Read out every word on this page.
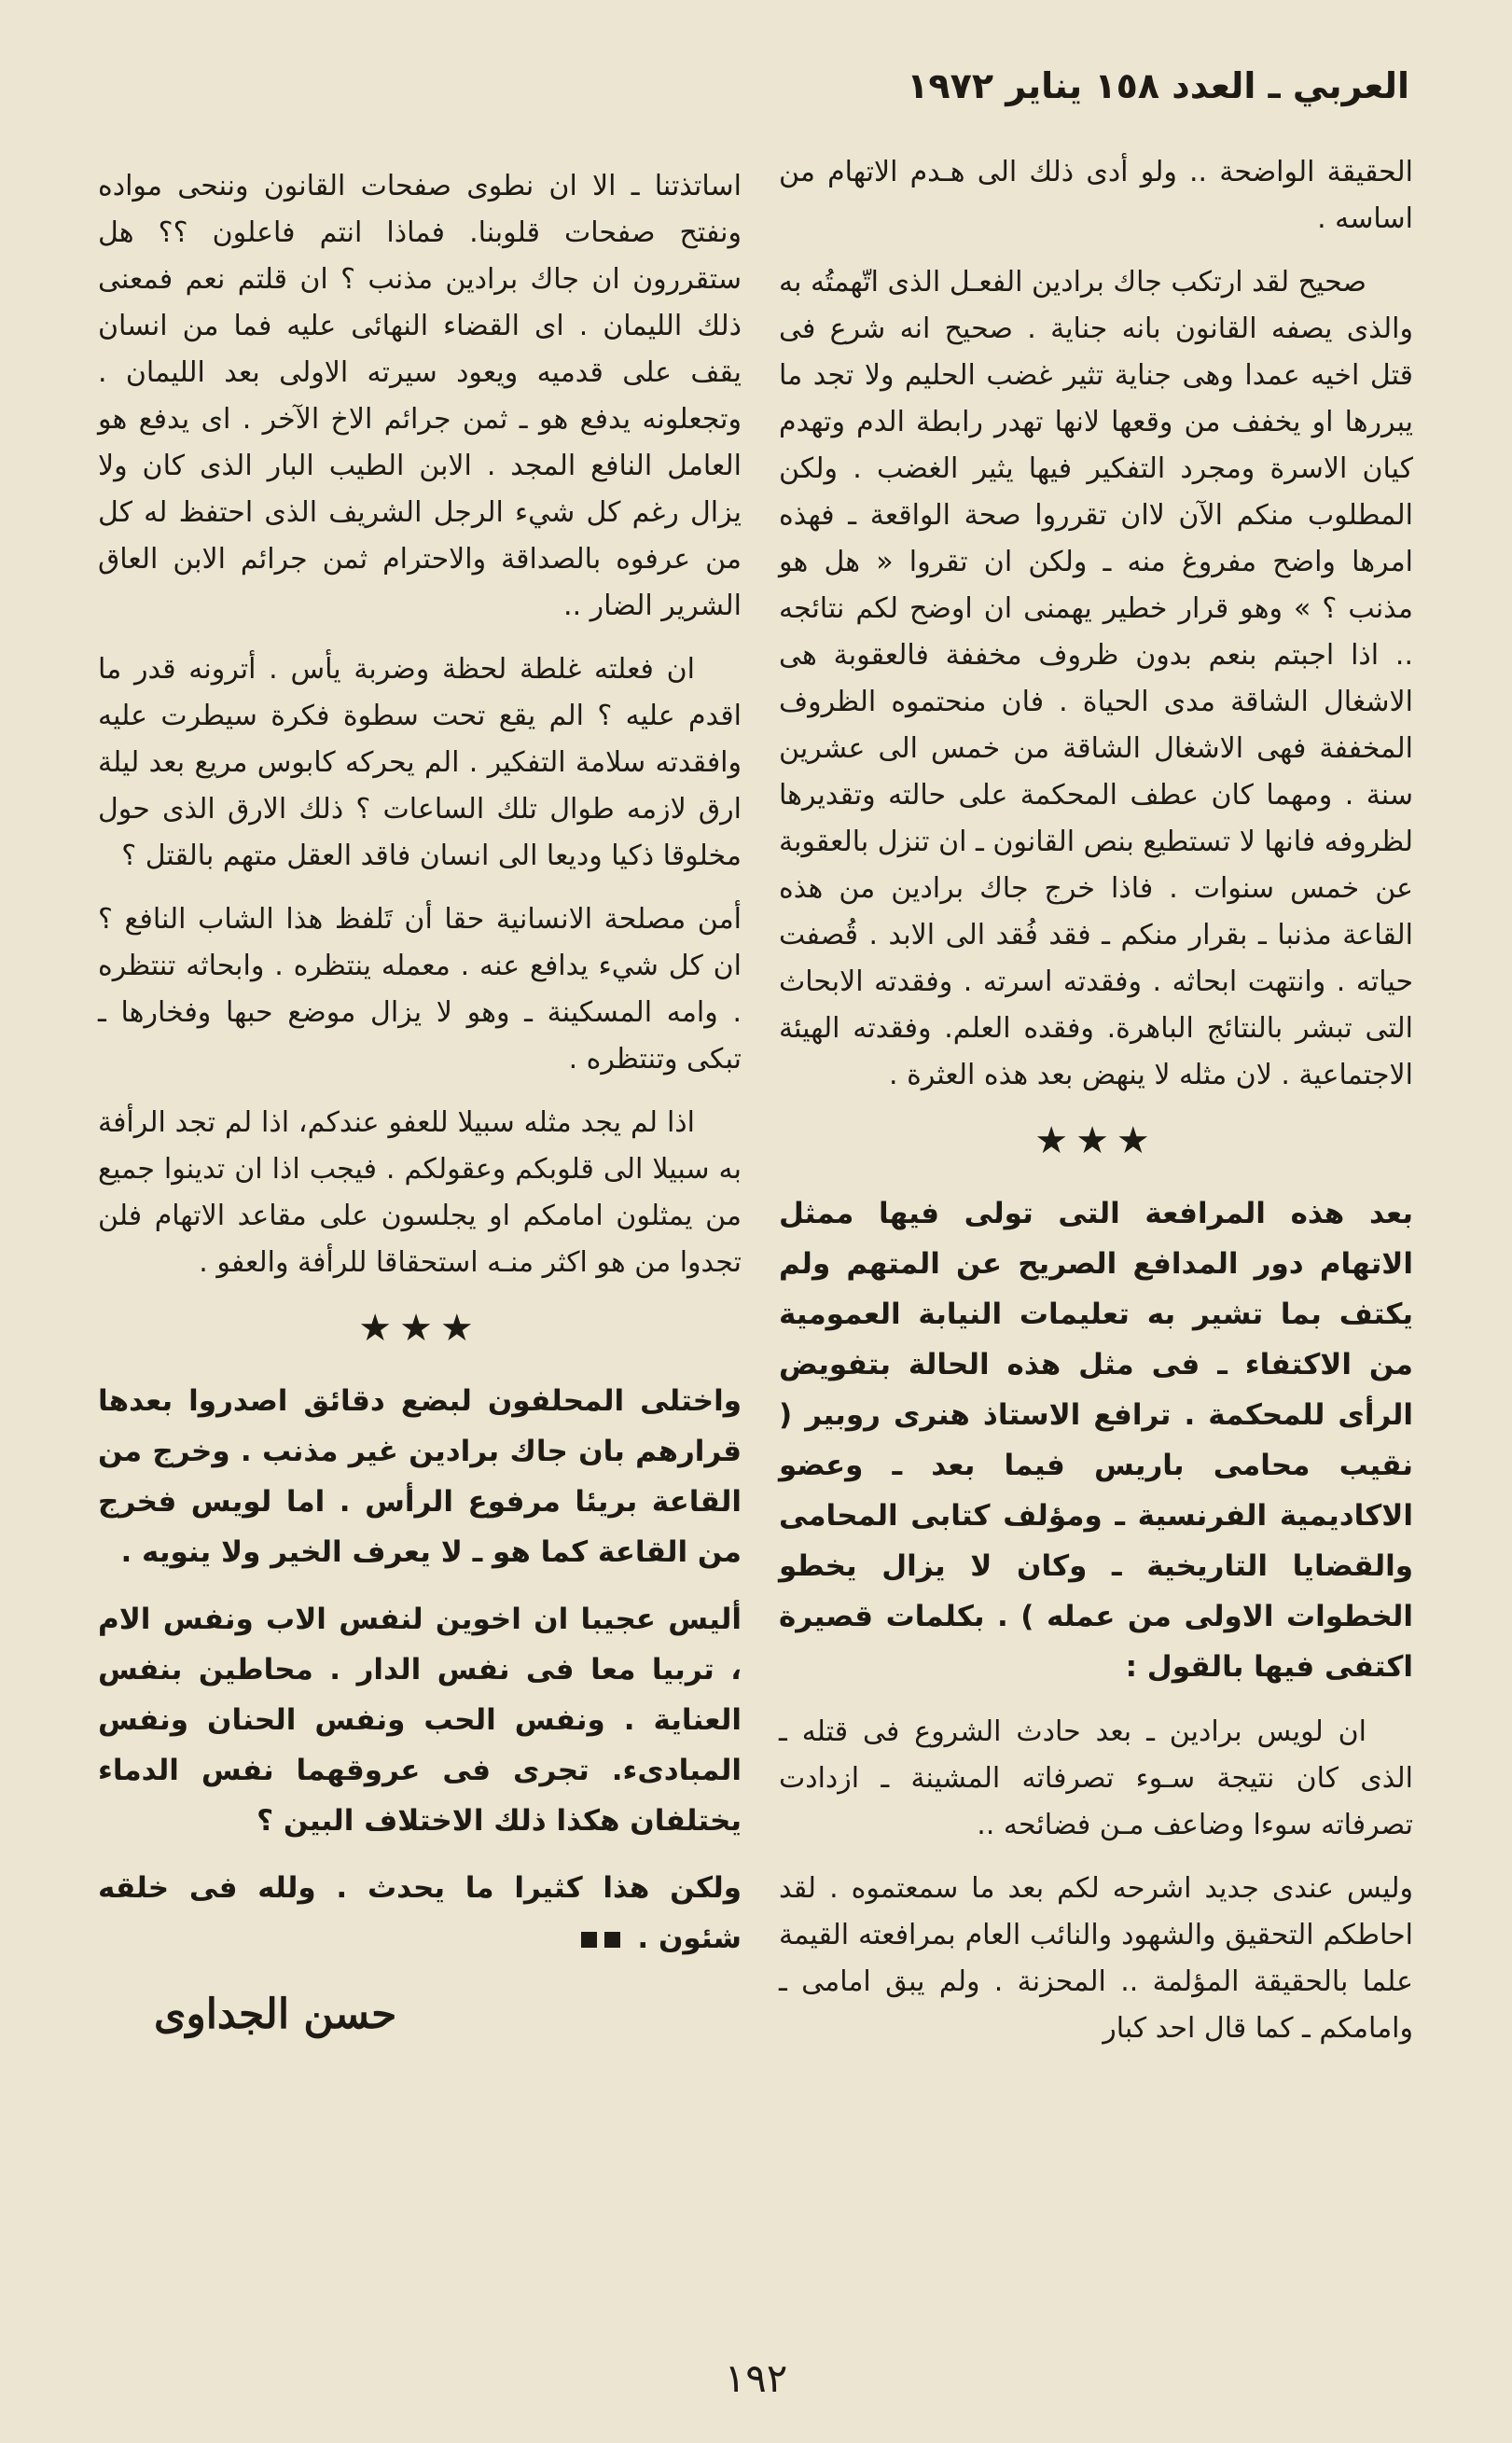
العربي ـ العدد ١٥٨ يناير ١٩٧٢

الحقيقة الواضحة .. ولو أدى ذلك الى هـدم الاتهام من اساسه .

صحيح لقد ارتكب جاك برادين الفعـل الذى اتّهمتُه به والذى يصفه القانون بانه جناية . صحيح انه شرع فى قتل اخيه عمدا وهى جناية تثير غضب الحليم ولا تجد ما يبررها او يخفف من وقعها لانها تهدر رابطة الدم وتهدم كيان الاسرة ومجرد التفكير فيها يثير الغضب . ولكن المطلوب منكم الآن لاان تقرروا صحة الواقعة ـ فهذه امرها واضح مفروغ منه ـ ولكن ان تقروا « هل هو مذنب ؟ » وهو قرار خطير يهمنى ان اوضح لكم نتائجه .. اذا اجبتم بنعم بدون ظروف مخففة فالعقوبة هى الاشغال الشاقة مدى الحياة . فان منحتموه الظروف المخففة فهى الاشغال الشاقة من خمس الى عشرين سنة . ومهما كان عطف المحكمة على حالته وتقديرها لظروفه فانها لا تستطيع بنص القانون ـ ان تنزل بالعقوبة عن خمس سنوات . فاذا خرج جاك برادين من هذه القاعة مذنبا ـ بقرار منكم ـ فقد فُقد الى الابد . قُصفت حياته . وانتهت ابحاثه . وفقدته اسرته . وفقدته الابحاث التى تبشر بالنتائج الباهرة. وفقده العلم. وفقدته الهيئة الاجتماعية . لان مثله لا ينهض بعد هذه العثرة .

★★★

بعد هذه المرافعة التى تولى فيها ممثل الاتهام دور المدافع الصريح عن المتهم ولم يكتف بما تشير به تعليمات النيابة العمومية من الاكتفاء ـ فى مثل هذه الحالة بتفويض الرأى للمحكمة . ترافع الاستاذ هنرى روبير ( نقيب محامى باريس فيما بعد ـ وعضو الاكاديمية الفرنسية ـ ومؤلف كتابى المحامى والقضايا التاريخية ـ وكان لا يزال يخطو الخطوات الاولى من عمله ) . بكلمات قصيرة اكتفى فيها بالقول :

ان لويس برادين ـ بعد حادث الشروع فى قتله ـ الذى كان نتيجة سـوء تصرفاته المشينة ـ ازدادت تصرفاته سوءا وضاعف مـن فضائحه ..

وليس عندى جديد اشرحه لكم بعد ما سمعتموه . لقد احاطكم التحقيق والشهود والنائب العام بمرافعته القيمة علما بالحقيقة المؤلمة .. المحزنة . ولم يبق امامى ـ وامامكم ـ كما قال احد كبار

اساتذتنا ـ الا ان نطوى صفحات القانون وننحى مواده ونفتح صفحات قلوبنا. فماذا انتم فاعلون ؟؟ هل ستقررون ان جاك برادين مذنب ؟ ان قلتم نعم فمعنى ذلك الليمان . اى القضاء النهائى عليه فما من انسان يقف على قدميه ويعود سيرته الاولى بعد الليمان . وتجعلونه يدفع هو ـ ثمن جرائم الاخ الآخر . اى يدفع هو العامل النافع المجد . الابن الطيب البار الذى كان ولا يزال رغم كل شيء الرجل الشريف الذى احتفظ له كل من عرفوه بالصداقة والاحترام ثمن جرائم الابن العاق الشرير الضار ..

ان فعلته غلطة لحظة وضربة يأس . أترونه قدر ما اقدم عليه ؟ الم يقع تحت سطوة فكرة سيطرت عليه وافقدته سلامة التفكير . الم يحركه كابوس مريع بعد ليلة ارق لازمه طوال تلك الساعات ؟ ذلك الارق الذى حول مخلوقا ذكيا وديعا الى انسان فاقد العقل متهم بالقتل ؟

أمن مصلحة الانسانية حقا أن تَلفظ هذا الشاب النافع ؟ ان كل شيء يدافع عنه . معمله ينتظره . وابحاثه تنتظره . وامه المسكينة ـ وهو لا يزال موضع حبها وفخارها ـ تبكى وتنتظره .

اذا لم يجد مثله سبيلا للعفو عندكم، اذا لم تجد الرأفة به سبيلا الى قلوبكم وعقولكم . فيجب اذا ان تدينوا جميع من يمثلون امامكم او يجلسون على مقاعد الاتهام فلن تجدوا من هو اكثر منـه استحقاقا للرأفة والعفو .

★★★

واختلى المحلفون لبضع دقائق اصدروا بعدها قرارهم بان جاك برادين غير مذنب . وخرج من القاعة بريئا مرفوع الرأس . اما لويس فخرج من القاعة كما هو ـ لا يعرف الخير ولا ينويه .

أليس عجيبا ان اخوين لنفس الاب ونفس الام ، تربيا معا فى نفس الدار . محاطين بنفس العناية . ونفس الحب ونفس الحنان ونفس المبادىء. تجرى فى عروقهما نفس الدماء يختلفان هكذا ذلك الاختلاف البين ؟

ولكن هذا كثيرا ما يحدث . ولله فى خلقه شئون .

حسن الجداوى
١٩٢
